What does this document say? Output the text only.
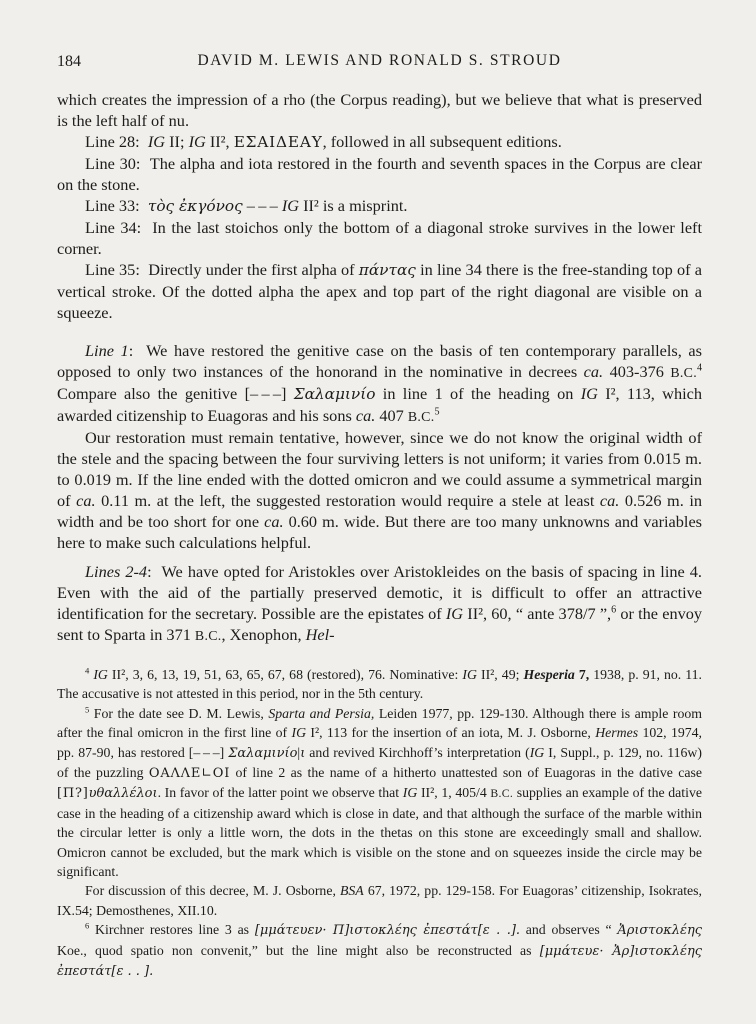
184	DAVID M. LEWIS AND RONALD S. STROUD

which creates the impression of a rho (the Corpus reading), but we believe that what is preserved is the left half of nu.

Line 28:  IG II; IG II², ΕΣΑΙΔΕΑΥ, followed in all subsequent editions.

Line 30:  The alpha and iota restored in the fourth and seventh spaces in the Corpus are clear on the stone.

Line 33:  τὸς ἐκγόνος – – – IG II² is a misprint.

Line 34:  In the last stoichos only the bottom of a diagonal stroke survives in the lower left corner.

Line 35:  Directly under the first alpha of πάντας in line 34 there is the free-standing top of a vertical stroke. Of the dotted alpha the apex and top part of the right diagonal are visible on a squeeze.

Line 1:  We have restored the genitive case on the basis of ten contemporary parallels, as opposed to only two instances of the honorand in the nominative in decrees ca. 403-376 B.C.$^4$ Compare also the genitive [– – –] Σαλαμινίο in line 1 of the heading on IG I², 113, which awarded citizenship to Euagoras and his sons ca. 407 B.C.$^5$

Our restoration must remain tentative, however, since we do not know the original width of the stele and the spacing between the four surviving letters is not uniform; it varies from 0.015 m. to 0.019 m. If the line ended with the dotted omicron and we could assume a symmetrical margin of ca. 0.11 m. at the left, the suggested restoration would require a stele at least ca. 0.526 m. in width and be too short for one ca. 0.60 m. wide. But there are too many unknowns and variables here to make such calculations helpful.

Lines 2-4:  We have opted for Aristokles over Aristokleides on the basis of spacing in line 4. Even with the aid of the partially preserved demotic, it is difficult to offer an attractive identification for the secretary. Possible are the epistates of IG II², 60, “ ante 378/7 ”,$^6$ or the envoy sent to Sparta in 371 B.C., Xenophon, Hel-

$^4$ IG II², 3, 6, 13, 19, 51, 63, 65, 67, 68 (restored), 76. Nominative: IG II², 49; Hesperia 7, 1938, p. 91, no. 11. The accusative is not attested in this period, nor in the 5th century.

$^5$ For the date see D. M. Lewis, Sparta and Persia, Leiden 1977, pp. 129-130. Although there is ample room after the final omicron in the first line of IG I², 113 for the insertion of an iota, M. J. Osborne, Hermes 102, 1974, pp. 87-90, has restored [– – –] Σαλαμινίο|ι and revived Kirchhoff’s interpretation (IG I, Suppl., p. 129, no. 116w) of the puzzling ΟΑΛΛΕ∟ΟΙ of line 2 as the name of a hitherto unattested son of Euagoras in the dative case [Π?]υθαλλέλοι. In favor of the latter point we observe that IG II², 1, 405/4 B.C. supplies an example of the dative case in the heading of a citizenship award which is close in date, and that although the surface of the marble within the circular letter is only a little worn, the dots in the thetas on this stone are exceedingly small and shallow. Omicron cannot be excluded, but the mark which is visible on the stone and on squeezes inside the circle may be significant.

For discussion of this decree, M. J. Osborne, BSA 67, 1972, pp. 129-158. For Euagoras’ citizenship, Isokrates, IX.54; Demosthenes, XII.10.

$^6$ Kirchner restores line 3 as [μμάτευεν· Π]ιστοκλέης ἐπεστάτ[ε . .]. and observes “ Ἀριστοκλέης Koe., quod spatio non convenit,” but the line might also be reconstructed as [μμάτευε· Ἀρ]ιστοκλέης ἐπεστάτ[ε . . ].
